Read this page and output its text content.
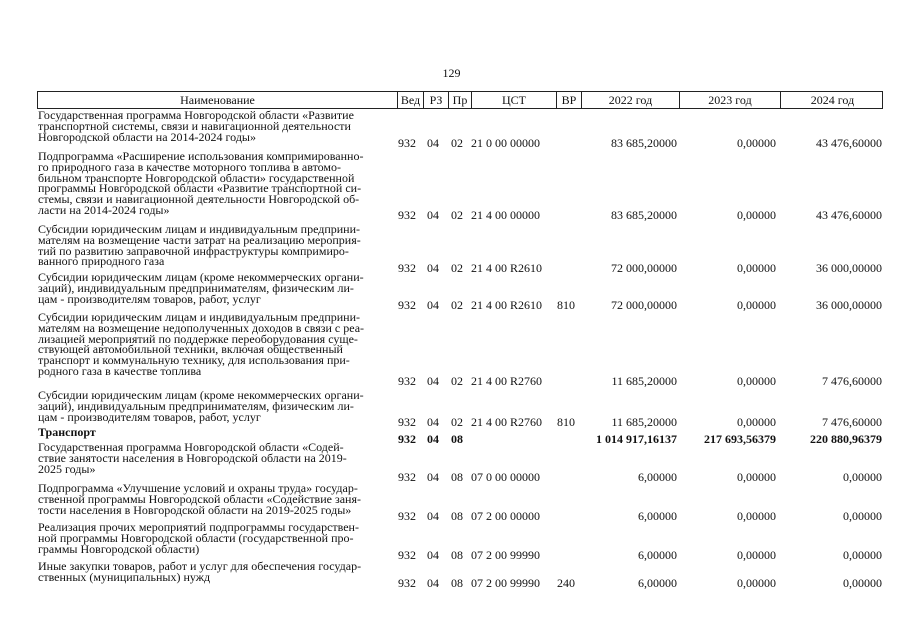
129
Наименование	Вед РЗ Пр	ЦСТ	ВР	2022 год	2023 год	2024 год
Государственная программа Новгородской области «Развитие
транспортной системы, связи и навигационной деятельности
Новгородской области на 2014-2024 годы»	932 04	02 21 0 00 00000	83 685,20000	0,00000	43 476,60000
Подпрограмма «Расширение использования компримированно-
го природного газа в качестве моторного топлива в автомо-
бильном транспорте Новгородской области» государственной
программы Новгородской области «Развитие транспортной си-
стемы, связи и навигационной деятельности Новгородской об-
ласти на 2014-2024 годы»	932 04	02 21 4 00 00000	83 685,20000	0,00000	43 476,60000
Субсидии юридическим лицам и индивидуальным предприни-
мателям на возмещение части затрат на реализацию мероприя-
тий по развитию заправочной инфраструктуры компримиро-
ванного природного газа	932 04	02 21 4 00 R2610	72 000,00000	0,00000	36 000,00000
Субсидии юридическим лицам (кроме некоммерческих органи-
заций), индивидуальным предпринимателям, физическим ли-
цам - производителям товаров, работ, услуг	932 04	02 21 4 00 R2610	810	72 000,00000	0,00000	36 000,00000
Субсидии юридическим лицам и индивидуальным предприни-
мателям на возмещение недополученных доходов в связи с реа-
лизацией мероприятий по поддержке переоборудования суще-
ствующей автомобильной техники, включая общественный
транспорт и коммунальную технику, для использования при-
родного газа в качестве топлива
932 04	02 21 4 00 R2760	11 685,20000	0,00000	7 476,60000
Субсидии юридическим лицам (кроме некоммерческих органи-
заций), индивидуальным предпринимателям, физическим ли-
цам - производителям товаров, работ, услуг	932 04	02 21 4 00 R2760	810	11 685,20000	0,00000	7 476,60000
Транспорт	932 04	08	1 014 917,16137	217 693,56379	220 880,96379
Государственная программа Новгородской области «Содей-
ствие занятости населения в Новгородской области на 2019-
2025 годы»
932 04	08 07 0 00 00000	6,00000	0,00000	0,00000
Подпрограмма «Улучшение условий и охраны труда» государ-
ственной программы Новгородской области «Содействие заня-
тости населения в Новгородской области на 2019-2025 годы»	932 04	08 07 2 00 00000	6,00000	0,00000	0,00000
Реализация прочих мероприятий подпрограммы государствен-
ной программы Новгородской области (государственной про-
граммы Новгородской области)	932 04	08 07 2 00 99990	6,00000	0,00000	0,00000
Иные закупки товаров, работ и услуг для обеспечения государ-
ственных (муниципальных) нужд	932 04	08 07 2 00 99990	240	6,00000	0,00000	0,00000
